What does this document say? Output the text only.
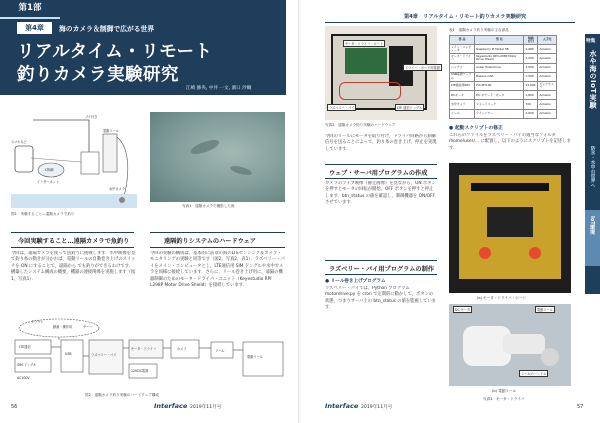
第1部
第4章	海のカメラ＆制御で広がる世界
リアルタイム・リモート
釣りカメラ実験研究
江崎 修央, 中井 一文, 濱口 沙織
ブイ付き
スマホなど
LTE網
インターネット
電動リール
水中カメラ
図1　実験すること―遠隔カメラで釣り
写真1　遠隔カメラで撮影した魚
今回実験すること…遠隔カメラで魚釣り
今回は，遠隔カメラを使って魚釣りに挑戦します．水中映像を見て釣り糸の動きが分かれば，電動リールの自動巻き上げのスイッチを ON にすることで，遠隔から でも釣りができるわけです．構築したシステム構成の概要，機器の連接関係を実施します（図1，写真1）．
遠隔釣りシステムのハードウェア
今回の実験の構成は，基本的に前章の海のLTEセンシング＆カメラ・モニタリングの実験と同等です（図2，写真2，表1）．ラズベリー・パイをメイン・コンピュータとし，LTE通信用 SIM ドングルや水中カメラを同様に接続しています．さらに，リール巻き上げ用に，遠隔の機器制御のためのモータ・ドライバ・ユニット（Keyestudio RPI L298P Motor Drive Shield）を接続しています．
クラウド
動画・操作用	サーバ
LTE通信
SIM ドングル
AC100V
ラズベリー・パイ
モータ・ドライバ
12VDC電源
USB
カメラ
電動リール
リール
図2　遠隔カメラ釣り実験のハードウェア構成
56	Interface 2019年11月号
第4章　リアルタイム・リモート釣りカメラ実験研究
モータ・ドライバ・ボード
ドライバ・ボード用電源
ラズベリー・パイ	LTE 通信ドングル
写真2　遠隔カメラ釣り実験のハードウェア
表1　遠隔カメラ釣り実験の主な部品
部 品	型 名	価格[円]	入手先
メイン・コンピュータ	Raspberry Pi Model 3B	4,980	Amazon
モータ・ドライバ	Keyestudio RPI L298P Motor Drive Shield	1,200	Amazon
バッテリ	Anker PowerCore	3,000	Amazon
USB電源ケーブル	Baseus CAP	1,500	Amazon
LTE通信用SIM	PIX-MT100	13,000	ビックカメラ
DCモータ	DC ギヤード・モータ	1,800	Amazon
水中カメラ	ショートコーク	700	Amazon
リール	ツインパワー	2,000	Amazon
今回のリールにモータを取り付け，ドライバ回路から制御信号を送ることによって，釣り糸の巻き上げ，停止を実現しています．
ウェブ・サーバ用プログラムの作成
カメラのライブ映像（静止画像）を見ながら，ON ボタンを押すとモータの回転が開始，OFF ボタンを押すと停止します．btn_status の値を確認し，制御機器を ON/OFF させています．
ラズベリー・パイ用プログラムの制作
● リール巻き上げプログラム
ラズベリー・パイでは，Python プログラム motordrive.py を cron で定期的に動かして，ボタンの状態，つまりサーバ上の btn_status の値を監視しています．
● 起動スクリプトの修正
これらのファイルをラズベリー・パイの適当なフォルダ /home/user/… に配置し，以下のようにスクリプトを記述します．
(a) モータ・ドライバ・ボード
DC モータ	電動リール
リールのハンドル
(b) 電動リール
写真3　モータ・ドライバ
特集
水や海のIoT実験
防水・水中の世界へ
IoT環境
Interface 2019年11月号	57
